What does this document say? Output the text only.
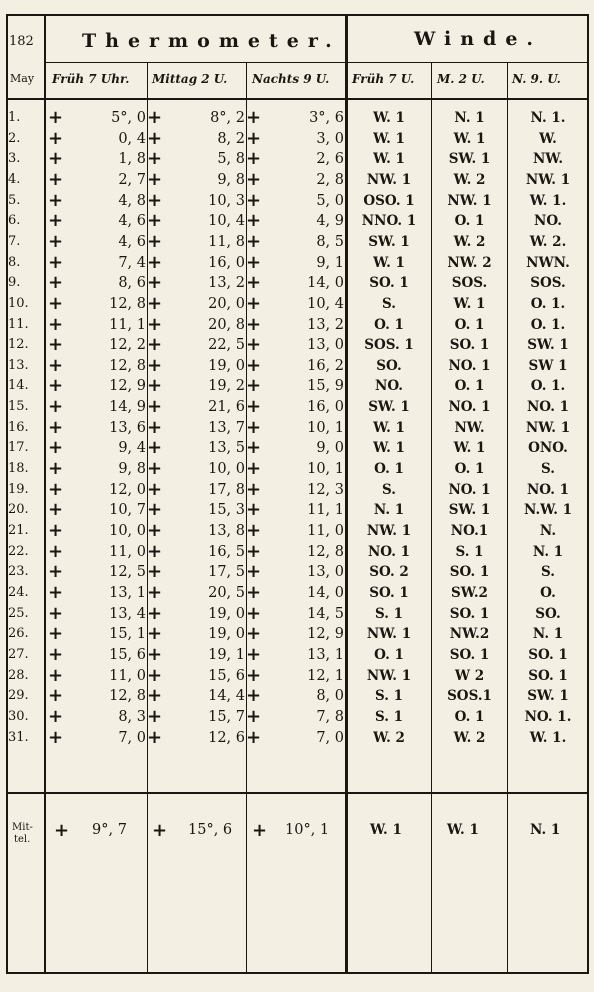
182
May
Thermometer.	Winde.
Früh 7 Uhr. Mittag 2 U. Nachts 9 U. Früh 7 U. M. 2 U. N. 9. U.
1.	+	5°, 0 +	8°, 2 +	3°, 6	W. 1	N. 1	N. 1.
2.	+	0, 4 +	8, 2 +	3, 0	W. 1	W. 1	W.
3.	+	1, 8 +	5, 8 +	2, 6	W. 1	SW. 1	NW.
4.	+	2, 7 +	9, 8 +	2, 8	NW. 1	W. 2	NW. 1
5.	+	4, 8 +	10, 3 +	5, 0	OSO. 1	NW. 1	W. 1.
6.	+	4, 6 +	10, 4 +	4, 9	NNO. 1	O. 1	NO.
7.	+	4, 6 +	11, 8 +	8, 5	SW. 1	W. 2	W. 2.
8.	+	7, 4 +	16, 0 +	9, 1	W. 1	NW. 2	NWN.
9.	+	8, 6 +	13, 2 +	14, 0	SO. 1	SOS.	SOS.
10.	+	12, 8 +	20, 0 +	10, 4	S.	W. 1	O. 1.
11.	+	11, 1 +	20, 8 +	13, 2	O. 1	O. 1	O. 1.
12.	+	12, 2 +	22, 5 +	13, 0	SOS. 1	SO. 1	SW. 1
13.	+	12, 8 +	19, 0 +	16, 2	SO.	NO. 1	SW 1
14.	+	12, 9 +	19, 2 +	15, 9	NO.	O. 1	O. 1.
15.	+	14, 9 +	21, 6 +	16, 0	SW. 1	NO. 1	NO. 1
16.	+	13, 6 +	13, 7 +	10, 1	W. 1	NW.	NW. 1
17.	+	9, 4 +	13, 5 +	9, 0	W. 1	W. 1	ONO.
18.	+	9, 8 +	10, 0 +	10, 1	O. 1	O. 1	S.
19.	+	12, 0 +	17, 8 +	12, 3	S.	NO. 1	NO. 1
20.	+	10, 7 +	15, 3 +	11, 1	N. 1	SW. 1	N.W. 1
21.	+	10, 0 +	13, 8 +	11, 0	NW. 1	NO.1	N.
22.	+	11, 0 +	16, 5 +	12, 8	NO. 1	S. 1	N. 1
23.	+	12, 5 +	17, 5 +	13, 0	SO. 2	SO. 1	S.
24.	+	13, 1 +	20, 5 +	14, 0	SO. 1	SW.2	O.
25.	+	13, 4 +	19, 0 +	14, 5	S. 1	SO. 1	SO.
26.	+	15, 1 +	19, 0 +	12, 9	NW. 1	NW.2	N. 1
27.	+	15, 6 +	19, 1 +	13, 1	O. 1	SO. 1	SO. 1
28.	+	11, 0 +	15, 6 +	12, 1	NW. 1	W 2	SO. 1
29.	+	12, 8 +	14, 4 +	8, 0	S. 1	SOS.1	SW. 1
30.	+	8, 3 +	15, 7 +	7, 8	S. 1	O. 1	NO. 1.
31.	+	7, 0 +	12, 6 +	7, 0	W. 2	W. 2	W. 1.
Mit-
tel. + 9°, 7 + 15°, 6 + 10°, 1	W. 1	W. 1	N. 1
